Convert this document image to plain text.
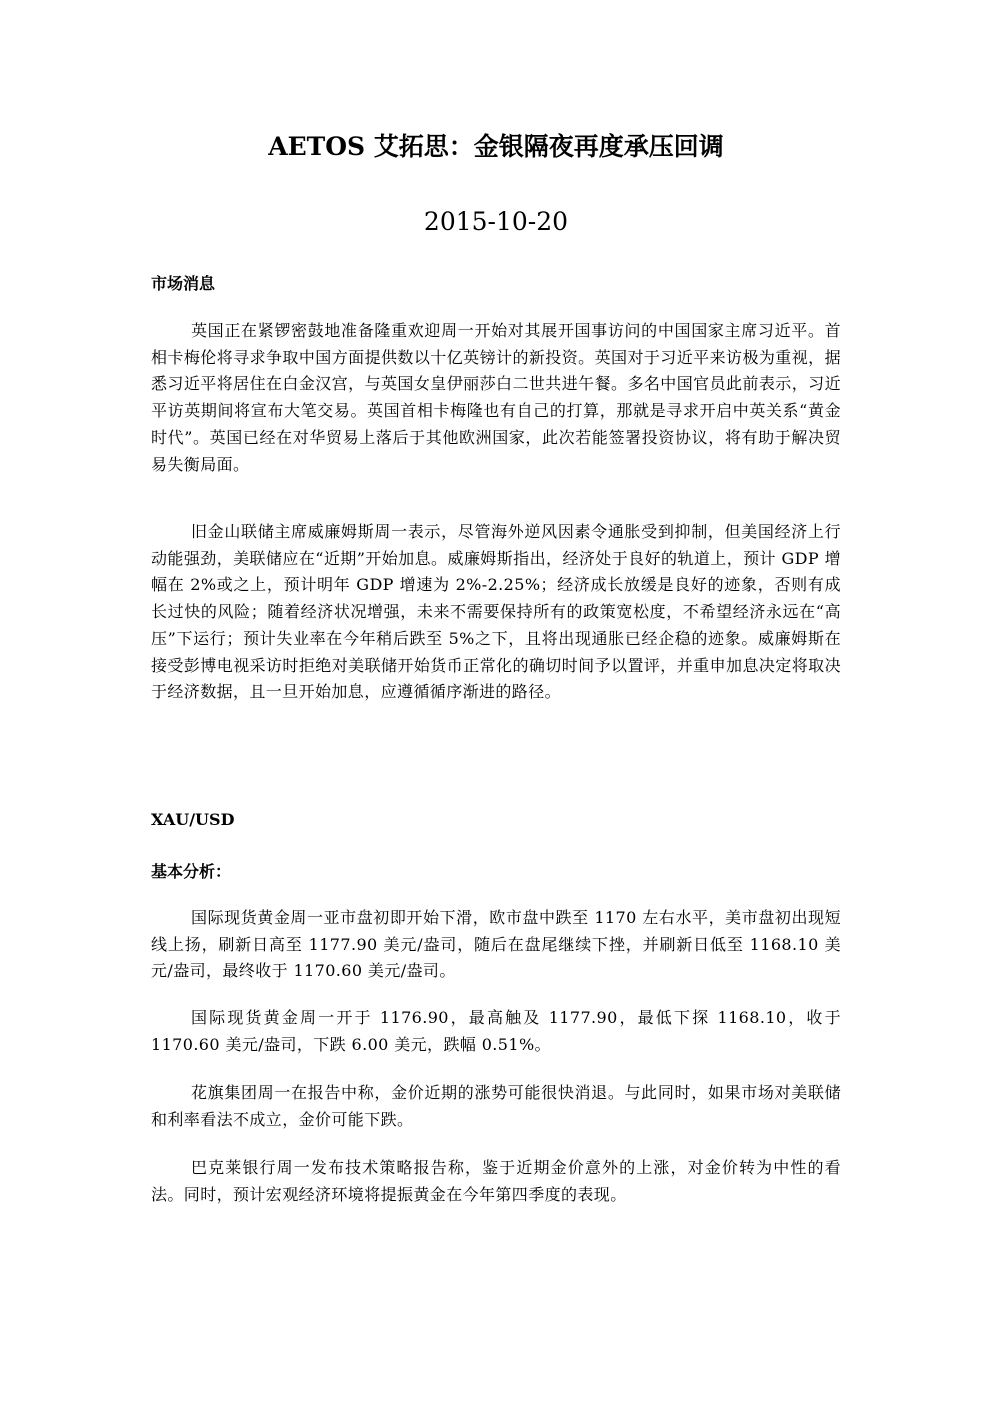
AETOS 艾拓思：金银隔夜再度承压回调
2015-10-20
市场消息

英国正在紧锣密鼓地准备隆重欢迎周一开始对其展开国事访问的中国国家主席习近平。首相卡梅伦将寻求争取中国方面提供数以十亿英镑计的新投资。英国对于习近平来访极为重视，据悉习近平将居住在白金汉宫，与英国女皇伊丽莎白二世共进午餐。多名中国官员此前表示，习近平访英期间将宣布大笔交易。英国首相卡梅隆也有自己的打算，那就是寻求开启中英关系“黄金时代”。英国已经在对华贸易上落后于其他欧洲国家，此次若能签署投资协议，将有助于解决贸易失衡局面。

旧金山联储主席威廉姆斯周一表示，尽管海外逆风因素令通胀受到抑制，但美国经济上行动能强劲，美联储应在“近期”开始加息。威廉姆斯指出，经济处于良好的轨道上，预计 GDP 增幅在 2%或之上，预计明年 GDP 增速为 2%-2.25%；经济成长放缓是良好的迹象，否则有成长过快的风险；随着经济状况增强，未来不需要保持所有的政策宽松度，不希望经济永远在“高压”下运行；预计失业率在今年稍后跌至 5%之下，且将出现通胀已经企稳的迹象。威廉姆斯在接受彭博电视采访时拒绝对美联储开始货币正常化的确切时间予以置评，并重申加息决定将取决于经济数据，且一旦开始加息，应遵循循序渐进的路径。

XAU/USD
基本分析：

国际现货黄金周一亚市盘初即开始下滑，欧市盘中跌至 1170 左右水平，美市盘初出现短线上扬，刷新日高至 1177.90 美元/盎司，随后在盘尾继续下挫，并刷新日低至 1168.10 美元/盎司，最终收于 1170.60 美元/盎司。

国际现货黄金周一开于 1176.90，最高触及 1177.90，最低下探 1168.10，收于 1170.60 美元/盎司，下跌 6.00 美元，跌幅 0.51%。

花旗集团周一在报告中称，金价近期的涨势可能很快消退。与此同时，如果市场对美联储和利率看法不成立，金价可能下跌。

巴克莱银行周一发布技术策略报告称，鉴于近期金价意外的上涨，对金价转为中性的看法。同时，预计宏观经济环境将提振黄金在今年第四季度的表现。
